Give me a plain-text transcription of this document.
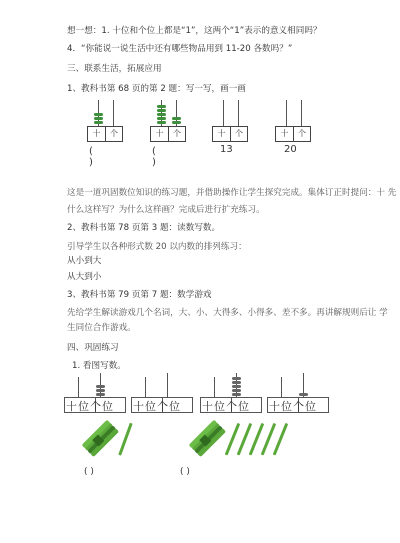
想一想：1. 十位和个位上都是“1”，这两个“1”表示的意义相同吗？
4．“你能说一说生活中还有哪些物品用到 11-20 各数吗？”
三、联系生活，拓展应用
1、教科书第 68 页的第 2 题：写一写，画一画
十	个
( )
十	个
( )
十	个
13
十	个
20
这是一道巩固数位知识的练习题，并借助操作让学生探究完成。集体订正时提问：十 先
什么这样写？为什么这样画？完成后进行扩充练习。
2、教科书第 78 页第 3 题：读数写数。
引导学生以各种形式数 20 以内数的排列练习：
从小到大
从大到小
3、教科书第 79 页第 7 题：数学游戏
先给学生解读游戏几个名词，大、小、大得多、小得多、差不多。再讲解规则后让 学
生同位合作游戏。
四、巩固练习
1. 看图写数。
十位个位 十位个位 十位个位 十位个位
( )	( )
